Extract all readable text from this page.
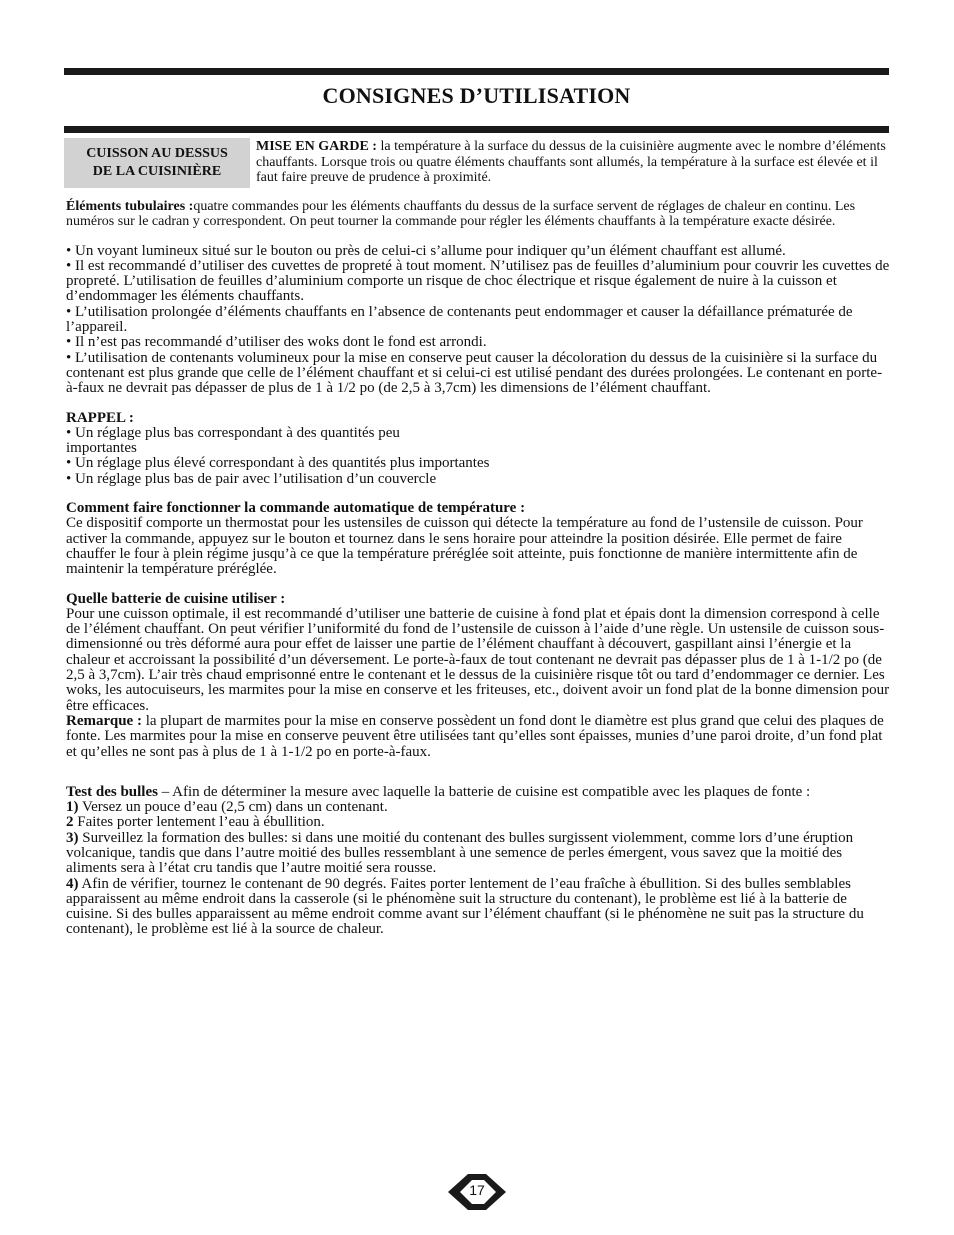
CONSIGNES D’UTILISATION
CUISSON AU DESSUS
DE LA CUISINIÈRE
MISE EN GARDE : la température à la surface du dessus de la cuisinière augmente avec le nombre d’éléments chauffants. Lorsque trois ou quatre éléments chauffants sont allumés, la température à la surface est élevée et il faut faire preuve de prudence à proximité.

Éléments tubulaires :quatre commandes pour les éléments chauffants du dessus de la surface servent de réglages de chaleur en continu. Les numéros sur le cadran y correspondent. On peut tourner la commande pour régler les éléments chauffants à la température exacte désirée.

• Un voyant lumineux situé sur le bouton ou près de celui-ci s’allume pour indiquer qu’un élément chauffant est allumé.

• Il est recommandé d’utiliser des cuvettes de propreté à tout moment. N’utilisez pas de feuilles d’aluminium pour couvrir les cuvettes de propreté. L’utilisation de feuilles d’aluminium comporte un risque de choc électrique et risque également de nuire à la cuisson et d’endommager les éléments chauffants.

• L’utilisation prolongée d’éléments chauffants en l’absence de contenants peut endommager et causer la défaillance prématurée de l’appareil.

• Il n’est pas recommandé d’utiliser des woks dont le fond est arrondi.

• L’utilisation de contenants volumineux pour la mise en conserve peut causer la décoloration du dessus de la cuisinière si la surface du contenant est plus grande que celle de l’élément chauffant et si celui-ci est utilisé pendant des durées prolongées. Le contenant en porte-à-faux ne devrait pas dépasser de plus de 1 à 1/2 po (de 2,5 à 3,7cm) les dimensions de l’élément chauffant.

RAPPEL :

• Un réglage plus bas correspondant à des quantités peu

importantes

• Un réglage plus élevé correspondant à des quantités plus importantes

• Un réglage plus bas de pair avec l’utilisation d’un couvercle

Comment faire fonctionner la commande automatique de température :

Ce dispositif comporte un thermostat pour les ustensiles de cuisson qui détecte la température au fond de l’ustensile de cuisson. Pour activer la commande, appuyez sur le bouton et tournez dans le sens horaire pour atteindre la position désirée. Elle permet de faire chauffer le four à plein régime jusqu’à ce que la température préréglée soit atteinte, puis fonctionne de manière intermittente afin de maintenir la température préréglée.

Quelle batterie de cuisine utiliser :

Pour une cuisson optimale, il est recommandé d’utiliser une batterie de cuisine à fond plat et épais dont la dimension correspond à celle de l’élément chauffant. On peut vérifier l’uniformité du fond de l’ustensile de cuisson à l’aide d’une règle. Un ustensile de cuisson sous-dimensionné ou très déformé aura pour effet de laisser une partie de l’élément chauffant à découvert, gaspillant ainsi l’énergie et la chaleur et accroissant la possibilité d’un déversement. Le porte-à-faux de tout contenant ne devrait pas dépasser plus de 1 à 1-1/2 po (de 2,5 à 3,7cm). L’air très chaud emprisonné entre le contenant et le dessus de la cuisinière risque tôt ou tard d’endommager ce dernier. Les woks, les autocuiseurs, les marmites pour la mise en conserve et les friteuses, etc., doivent avoir un fond plat de la bonne dimension pour être efficaces.

Remarque : la plupart de marmites pour la mise en conserve possèdent un fond dont le diamètre est plus grand que celui des plaques de fonte. Les marmites pour la mise en conserve peuvent être utilisées tant qu’elles sont épaisses, munies d’une paroi droite, d’un fond plat et qu’elles ne sont pas à plus de 1 à 1-1/2 po en porte-à-faux.

Test des bulles – Afin de déterminer la mesure avec laquelle la batterie de cuisine est compatible avec les plaques de fonte :

1) Versez un pouce d’eau (2,5 cm) dans un contenant.

2 Faites porter lentement l’eau à ébullition.

3) Surveillez la formation des bulles: si dans une moitié du contenant des bulles surgissent violemment, comme lors d’une éruption volcanique, tandis que dans l’autre moitié des bulles ressemblant à une semence de perles émergent, vous savez que la moitié des aliments sera à l’état cru tandis que l’autre moitié sera rousse.

4) Afin de vérifier, tournez le contenant de 90 degrés. Faites porter lentement de l’eau fraîche à ébullition. Si des bulles semblables apparaissent au même endroit dans la casserole (si le phénomène suit la structure du contenant), le problème est lié à la batterie de cuisine. Si des bulles apparaissent au même endroit comme avant sur l’élément chauffant (si le phénomène ne suit pas la structure du contenant), le problème est lié à la source de chaleur.

17
